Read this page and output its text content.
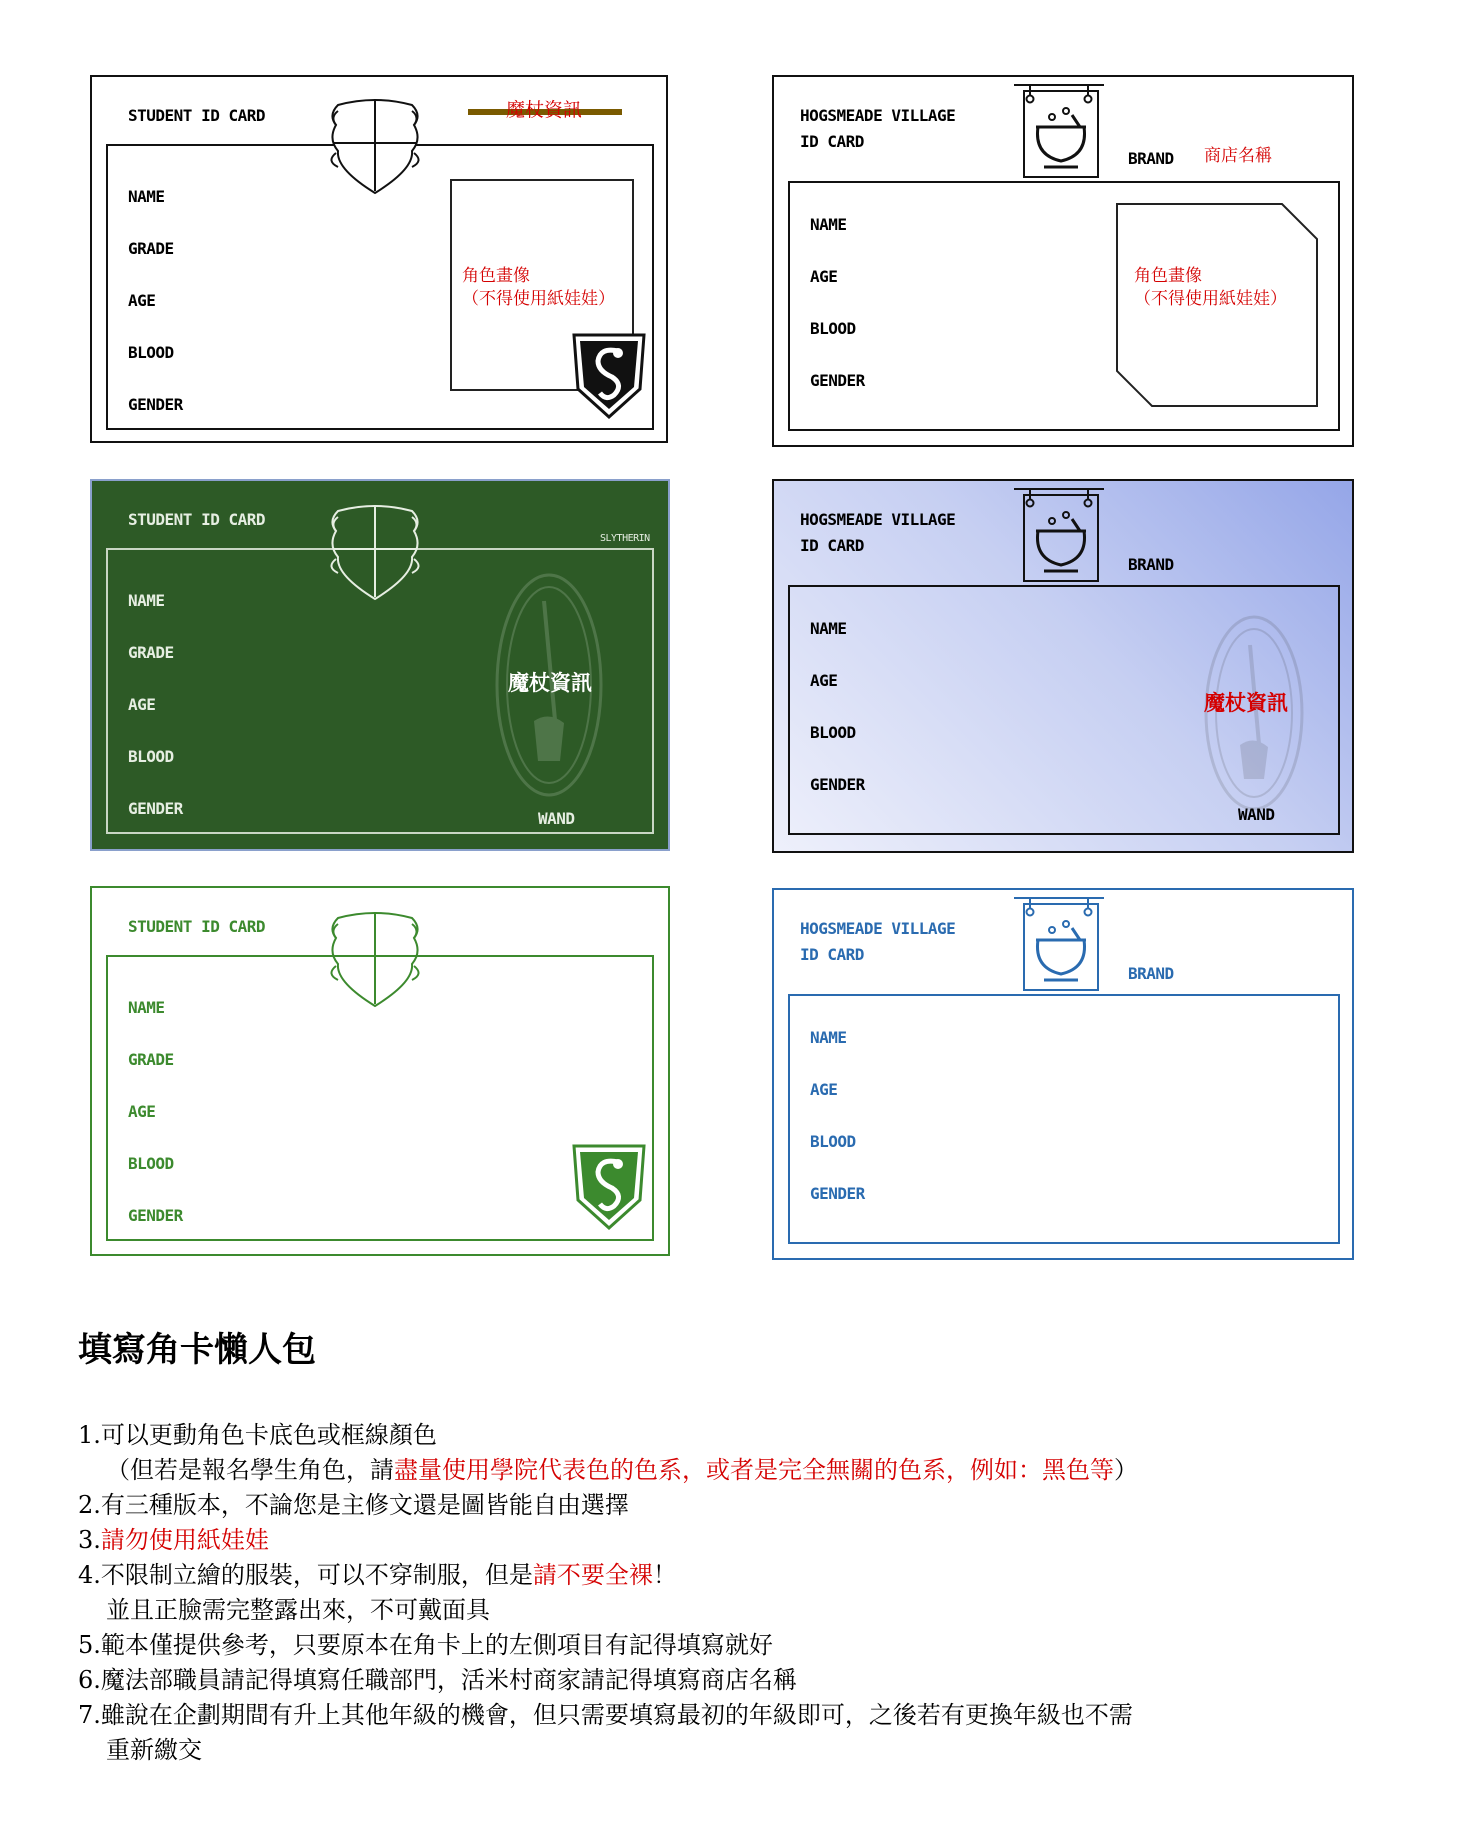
STUDENT ID CARD	魔杖資訊
NAME
GRADE
AGE
BLOOD
GENDER
角色畫像
（不得使用紙娃娃）
HOGSMEADE VILLAGE
ID CARD
BRAND 商店名稱
NAME
AGE
BLOOD
GENDER
角色畫像
（不得使用紙娃娃）
STUDENT ID CARD
SLYTHERIN
NAME
GRADE
AGE
BLOOD
GENDER
魔杖資訊
WAND
HOGSMEADE VILLAGE
ID CARD
BRAND
NAME
AGE
BLOOD
GENDER
魔杖資訊
WAND
STUDENT ID CARD
NAME
GRADE
AGE
BLOOD
GENDER
HOGSMEADE VILLAGE
ID CARD
BRAND
NAME
AGE
BLOOD
GENDER
填寫角卡懶人包
1.可以更動角色卡底色或框線顏色
（但若是報名學生角色，請盡量使用學院代表色的色系，或者是完全無關的色系，例如：黑色等）
2.有三種版本，不論您是主修文還是圖皆能自由選擇
3.請勿使用紙娃娃
4.不限制立繪的服裝，可以不穿制服，但是請不要全裸！
並且正臉需完整露出來，不可戴面具
5.範本僅提供參考，只要原本在角卡上的左側項目有記得填寫就好
6.魔法部職員請記得填寫任職部門，活米村商家請記得填寫商店名稱
7.雖說在企劃期間有升上其他年級的機會，但只需要填寫最初的年級即可，之後若有更換年級也不需
重新繳交
